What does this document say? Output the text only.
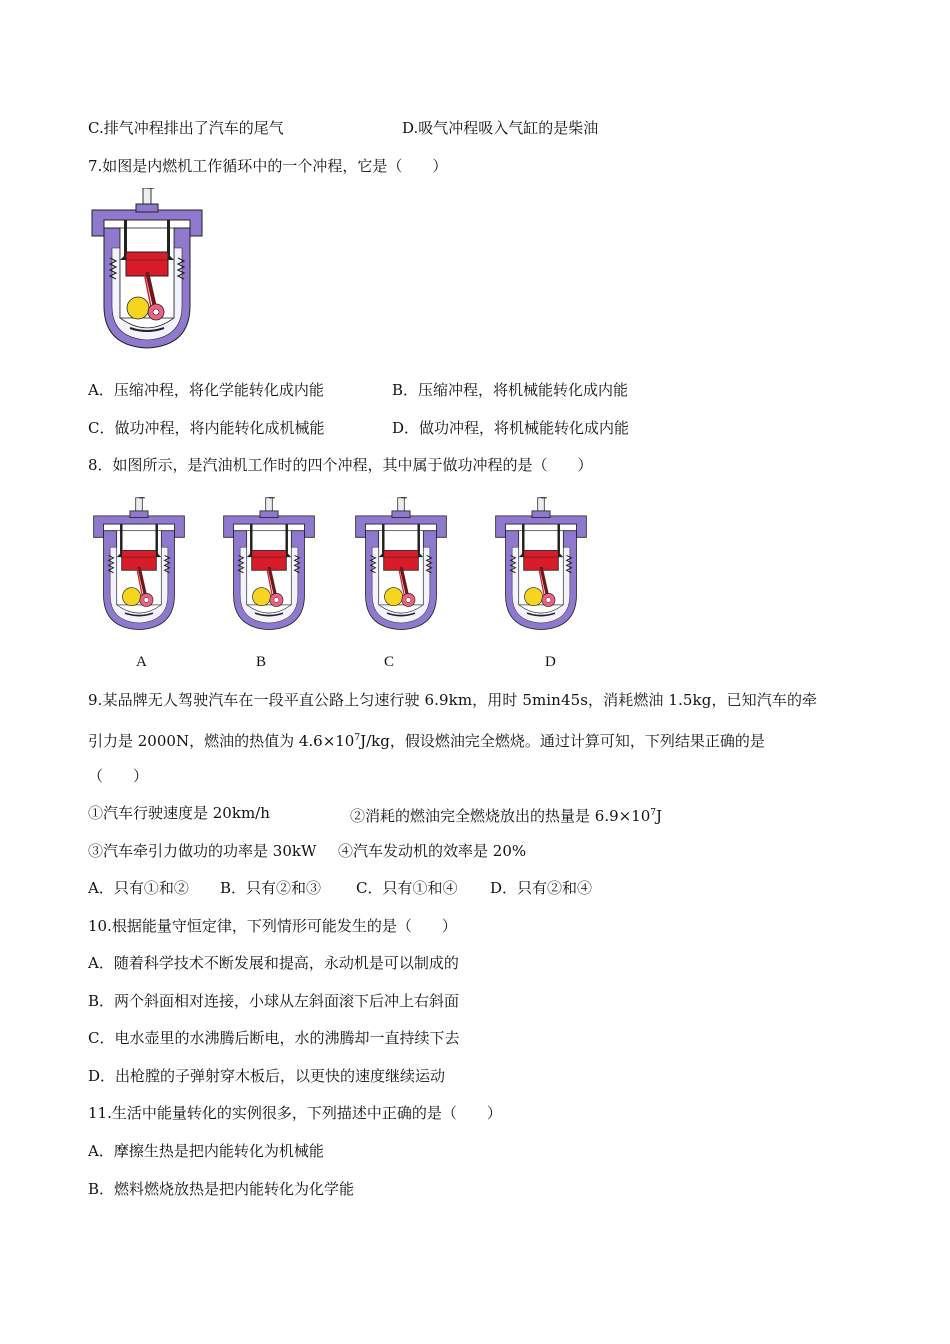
C.排气冲程排出了汽车的尾气	D.吸气冲程吸入气缸的是柴油
7.如图是内燃机工作循环中的一个冲程，它是（　　）
A．压缩冲程，将化学能转化成内能	B．压缩冲程，将机械能转化成内能
C．做功冲程，将内能转化成机械能	D．做功冲程，将机械能转化成内能
8．如图所示，是汽油机工作时的四个冲程，其中属于做功冲程的是（　　）
A	B	C	D
9.某品牌无人驾驶汽车在一段平直公路上匀速行驶 6.9km，用时 5min45s，消耗燃油 1.5kg，已知汽车的牵
引力是 2000N，燃油的热值为 $4.6\times 10^7J/kg$，假设燃油完全燃烧。通过计算可知，下列结果正确的是
（　　）
①汽车行驶速度是 20km/h	②消耗的燃油完全燃烧放出的热量是 $6.9\times 10^7J$
③汽车牵引力做功的功率是 30kW ④汽车发动机的效率是 20%
A．只有①和② B．只有②和③ C．只有①和④ D．只有②和④
10.根据能量守恒定律，下列情形可能发生的是（　　）
A．随着科学技术不断发展和提高，永动机是可以制成的
B．两个斜面相对连接，小球从左斜面滚下后冲上右斜面
C．电水壶里的水沸腾后断电，水的沸腾却一直持续下去
D．出枪膛的子弹射穿木板后，以更快的速度继续运动
11.生活中能量转化的实例很多，下列描述中正确的是（　　）
A．摩擦生热是把内能转化为机械能
B．燃料燃烧放热是把内能转化为化学能
